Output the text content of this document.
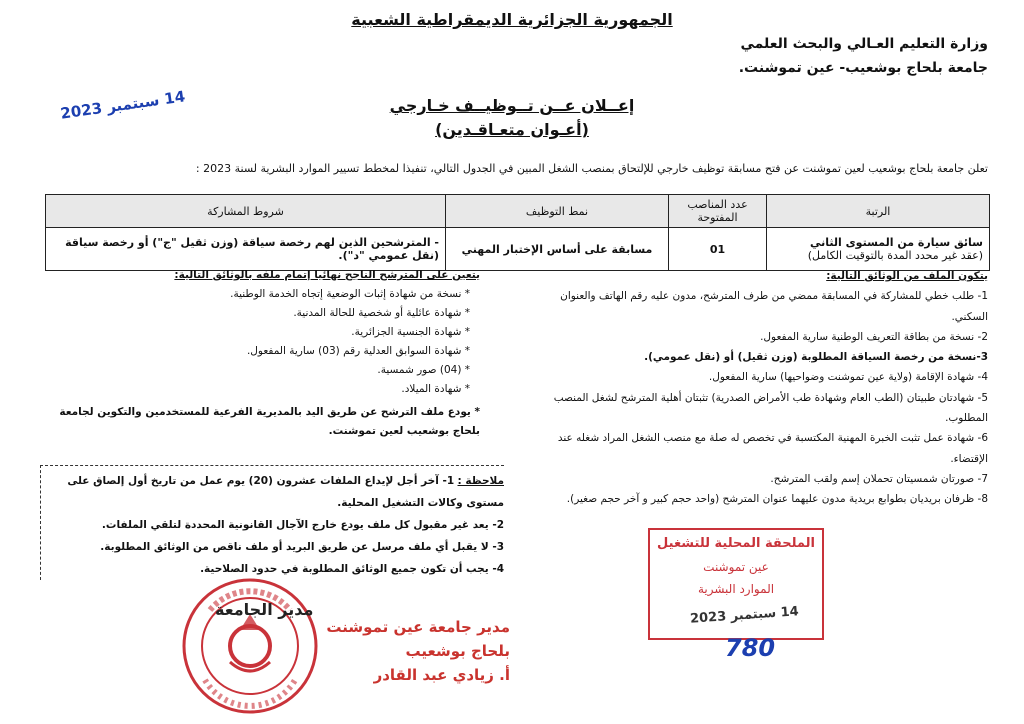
الجمهورية الجزائرية الديمقراطية الشعبية
وزارة التعليم العـالي والبحث العلمي
جامعة بلحاج بوشعيب- عين تموشنت.
14 سبتمبر 2023	إعــلان عــن تــوظيــف خـارجي
(أعـوان متعـاقـدين)
تعلن جامعة بلحاج بوشعيب لعين تموشنت عن فتح مسابقة توظيف خارجي للإلتحاق بمنصب الشغل المبين في الجدول التالي، تنفيذا لمخطط تسيير الموارد البشرية لسنة 2023 :
الرتبة	عدد المناصب المفتوحة	نمط التوظيف	شروط المشاركة

سائق سيارة من المستوى الثاني
(عقد غير محدد المدة بالتوقيت الكامل)	01	مسابقة على أساس الإختبار المهني	- المترشحين الذين لهم رخصة سياقة (وزن ثقيل "ج") أو رخصة سياقة (نقل عمومي "د").
يتكون الملف من الوثائق التالية:
1- طلب خطي للمشاركة في المسابقة ممضي من طرف المترشح، مدون عليه رقم الهاتف والعنوان السكني.
2- نسخة من بطاقة التعريف الوطنية سارية المفعول.
3-نسخة من رخصة السياقة المطلوبة (وزن ثقيل) أو (نقل عمومي).
4- شهادة الإقامة (ولاية عين تموشنت وضواحيها) سارية المفعول.
5- شهادتان طبيتان (الطب العام وشهادة طب الأمراض الصدرية) تثبتان أهلية المترشح لشغل المنصب المطلوب.
6- شهادة عمل تثبت الخبرة المهنية المكتسبة في تخصص له صلة مع منصب الشغل المراد شغله عند الإقتضاء.
7- صورتان شمسيتان تحملان إسم ولقب المترشح.
8- ظرفان بريديان بطوابع بريدية مدون عليهما عنوان المترشح (واحد حجم كبير و آخر حجم صغير).
يتعين على المترشح الناجح نهائيا إتمام ملفه بالوثائق التالية:
* نسخة من شهادة إثبات الوضعية إتجاه الخدمة الوطنية.
* شهادة عائلية أو شخصية للحالة المدنية.
* شهادة الجنسية الجزائرية.
* شهادة السوابق العدلية رقم (03) سارية المفعول.
* (04) صور شمسية.
* شهادة الميلاد.
* يودع ملف الترشح عن طريق اليد بالمديرية الفرعية للمستخدمين والتكوين لجامعة بلحاج بوشعيب لعين تموشنت.
ملاحظة : 1- آخر أجل لإيداع الملفات عشرون (20) يوم عمل من تاريخ أول إلصاق على مستوى وكالات التشغيل المحلية.
2- يعد غير مقبول كل ملف يودع خارج الآجال القانونية المحددة لتلقي الملفات.
3- لا يقبل أي ملف مرسل عن طريق البريد أو ملف ناقص من الوثائق المطلوبة.
4- يجب أن تكون جميع الوثائق المطلوبة في حدود الصلاحية.
مدير الجامعة
مدير جامعة عين تموشنت
بلحاج بوشعيب
أ. زيادي عبد القادر
الملحقة المحلية للتشغيل
عين تموشنت
الموارد البشرية
14 سبتمبر 2023
780
